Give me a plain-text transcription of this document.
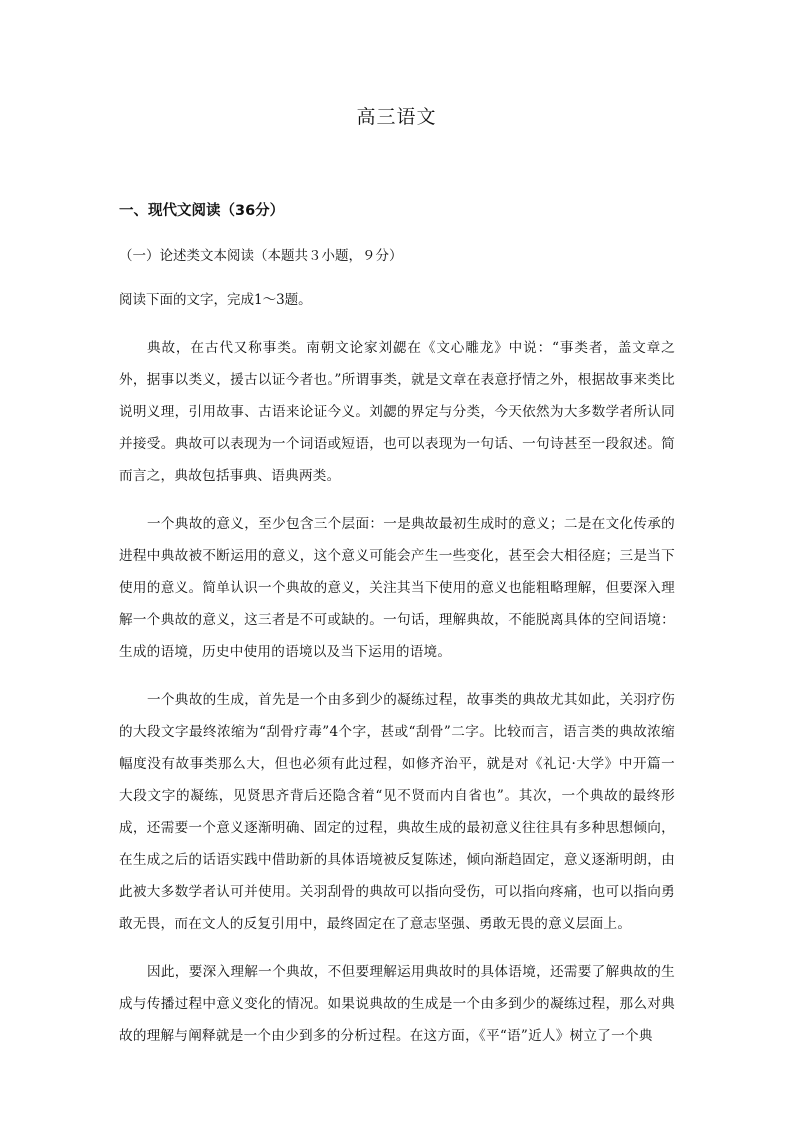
高三语文
一、现代文阅读（36分）
（一）论述类文本阅读（本题共３小题，９分）
阅读下面的文字，完成1～3题。

典故，在古代又称事类。南朝文论家刘勰在《文心雕龙》中说：“事类者，盖文章之外，据事以类义，援古以证今者也。”所谓事类，就是文章在表意抒情之外，根据故事来类比说明义理，引用故事、古语来论证今义。刘勰的界定与分类，今天依然为大多数学者所认同并接受。典故可以表现为一个词语或短语，也可以表现为一句话、一句诗甚至一段叙述。简而言之，典故包括事典、语典两类。

一个典故的意义，至少包含三个层面：一是典故最初生成时的意义；二是在文化传承的进程中典故被不断运用的意义，这个意义可能会产生一些变化，甚至会大相径庭；三是当下使用的意义。简单认识一个典故的意义，关注其当下使用的意义也能粗略理解，但要深入理解一个典故的意义，这三者是不可或缺的。一句话，理解典故，不能脱离具体的空间语境：生成的语境，历史中使用的语境以及当下运用的语境。

一个典故的生成，首先是一个由多到少的凝练过程，故事类的典故尤其如此，关羽疗伤的大段文字最终浓缩为“刮骨疗毒”4个字，甚或“刮骨”二字。比较而言，语言类的典故浓缩幅度没有故事类那么大，但也必须有此过程，如修齐治平，就是对《礼记·大学》中开篇一大段文字的凝练，见贤思齐背后还隐含着“见不贤而内自省也”。其次，一个典故的最终形成，还需要一个意义逐渐明确、固定的过程，典故生成的最初意义往往具有多种思想倾向，在生成之后的话语实践中借助新的具体语境被反复陈述，倾向渐趋固定，意义逐渐明朗，由此被大多数学者认可并使用。关羽刮骨的典故可以指向受伤，可以指向疼痛，也可以指向勇敢无畏，而在文人的反复引用中，最终固定在了意志坚强、勇敢无畏的意义层面上。

因此，要深入理解一个典故，不但要理解运用典故时的具体语境，还需要了解典故的生成与传播过程中意义变化的情况。如果说典故的生成是一个由多到少的凝练过程，那么对典故的理解与阐释就是一个由少到多的分析过程。在这方面，《平“语”近人》树立了一个典
